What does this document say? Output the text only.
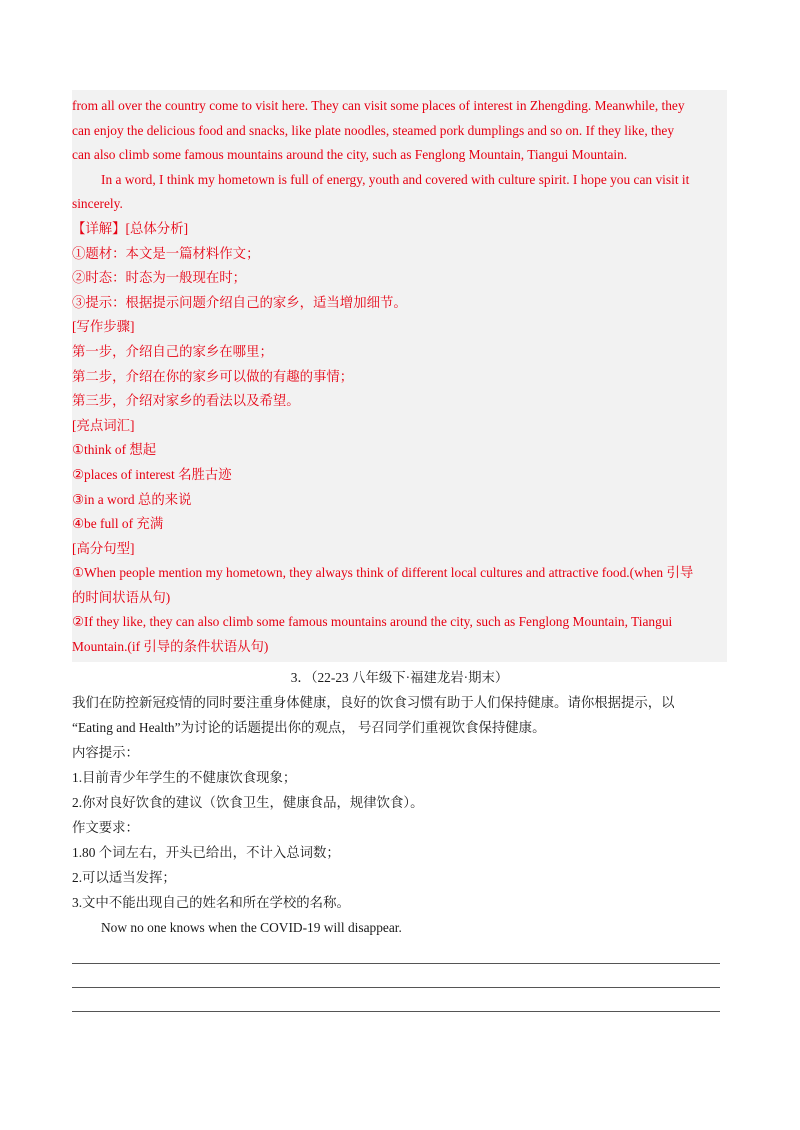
from all over the country come to visit here. They can visit some places of interest in Zhengding. Meanwhile, they
can enjoy the delicious food and snacks, like plate noodles, steamed pork dumplings and so on. If they like, they
can also climb some famous mountains around the city, such as Fenglong Mountain, Tiangui Mountain.
In a word, I think my hometown is full of energy, youth and covered with culture spirit. I hope you can visit it
sincerely.
【详解】[总体分析]
①题材：本文是一篇材料作文；
②时态：时态为一般现在时；
③提示：根据提示问题介绍自己的家乡，适当增加细节。
[写作步骤]
第一步，介绍自己的家乡在哪里；
第二步，介绍在你的家乡可以做的有趣的事情；
第三步，介绍对家乡的看法以及希望。
[亮点词汇]
①think of 想起
②places of interest 名胜古迹
③in a word 总的来说
④be full of 充满
[高分句型]
①When people mention my hometown, they always think of different local cultures and attractive food.(when 引导
的时间状语从句)
②If they like, they can also climb some famous mountains around the city, such as Fenglong Mountain, Tiangui
Mountain.(if 引导的条件状语从句)
3．（22-23 八年级下·福建龙岩·期末）
我们在防控新冠疫情的同时要注重身体健康，良好的饮食习惯有助于人们保持健康。请你根据提示，以
“Eating and Health”为讨论的话题提出你的观点， 号召同学们重视饮食保持健康。
内容提示：
1.目前青少年学生的不健康饮食现象；
2.你对良好饮食的建议（饮食卫生，健康食品，规律饮食）。
作文要求：
1.80 个词左右，开头已给出，不计入总词数；
2.可以适当发挥；
3.文中不能出现自己的姓名和所在学校的名称。
Now no one knows when the COVID-19 will disappear.
